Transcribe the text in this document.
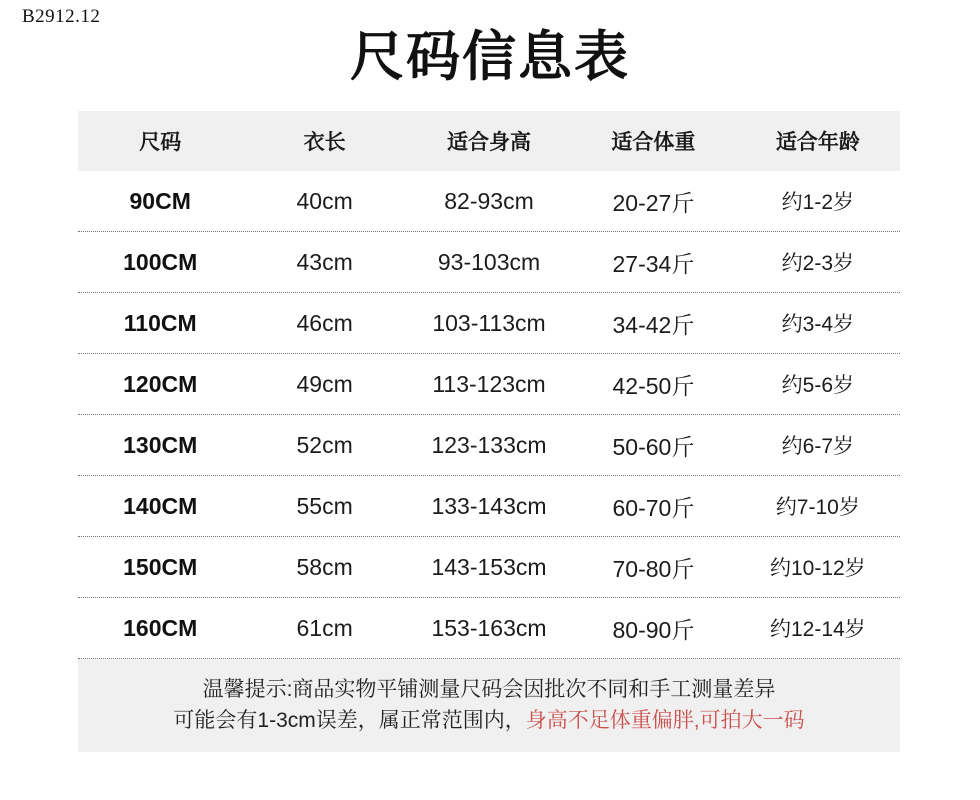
B2912.12
尺码信息表
尺码	衣长	适合身高	适合体重	适合年龄
90CM	40cm	82-93cm	20-27斤	约1-2岁
100CM	43cm	93-103cm	27-34斤	约2-3岁
110CM	46cm	103-113cm	34-42斤	约3-4岁
120CM	49cm	113-123cm	42-50斤	约5-6岁
130CM	52cm	123-133cm	50-60斤	约6-7岁
140CM	55cm	133-143cm	60-70斤	约7-10岁
150CM	58cm	143-153cm	70-80斤	约10-12岁
160CM	61cm	153-163cm	80-90斤	约12-14岁
温馨提示:商品实物平铺测量尺码会因批次不同和手工测量差异
可能会有1-3cm误差，属正常范围内，身高不足体重偏胖,可拍大一码
